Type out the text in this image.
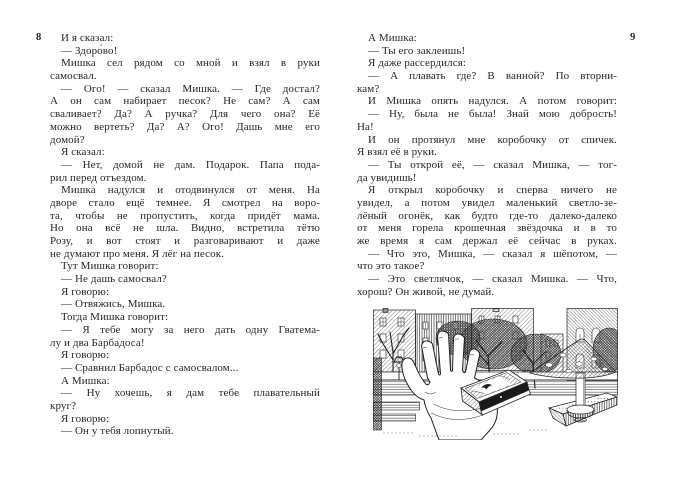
8	9
И я сказал:
— Здоро́во!
Мишка сел рядом со мной и взял в руки
самосвал.
— Ого! — сказал Мишка. — Где достал?
А он сам набирает песок? Не сам? А сам
сваливает? Да? А ручка? Для чего она? Её
можно вертеть? Да? А? Ого! Дашь мне его
домой?
Я сказал:
— Нет, домой не дам. Подарок. Папа пода-
рил перед отъездом.
Мишка надулся и отодвинулся от меня. На
дворе стало ещё темнее. Я смотрел на воро-
та, чтобы не пропустить, когда придёт мама.
Но она всё не шла. Видно, встретила тётю
Розу, и вот стоят и разговаривают и даже
не думают про меня. Я лёг на песок.
Тут Мишка говорит:
— Не дашь самосвал?
Я говорю:
— Отвяжись, Мишка.
Тогда Мишка говорит:
— Я тебе могу за него дать одну Гватема-
лу и два Барбадоса!
Я говорю:
— Сравнил Барбадос с самосвалом...
А Мишка:
— Ну хочешь, я дам тебе плавательный
круг?
Я говорю:
— Он у тебя лопнутый.
А Мишка:
— Ты его заклеишь!
Я даже рассердился:
— А плавать где? В ванной? По вторни-
кам?
И Мишка опять надулся. А потом говорит:
— Ну, была не была! Знай мою добрость!
На!
И он протянул мне коробочку от спичек.
Я взял её в руки.
— Ты открой её, — сказал Мишка, — тог-
да увидишь!
Я открыл коробочку и сперва ничего не
увидел, а потом увидел маленький светло-зе-
лёный огонёк, как будто где-то далеко-далеко
от меня горела крошечная звёздочка и в то
же время я сам держал её сейчас в руках.
— Что это, Мишка, — сказал я шёпотом, —
что это такое?
— Это светлячок, — сказал Мишка. — Что,
хорош? Он живой, не думай.
